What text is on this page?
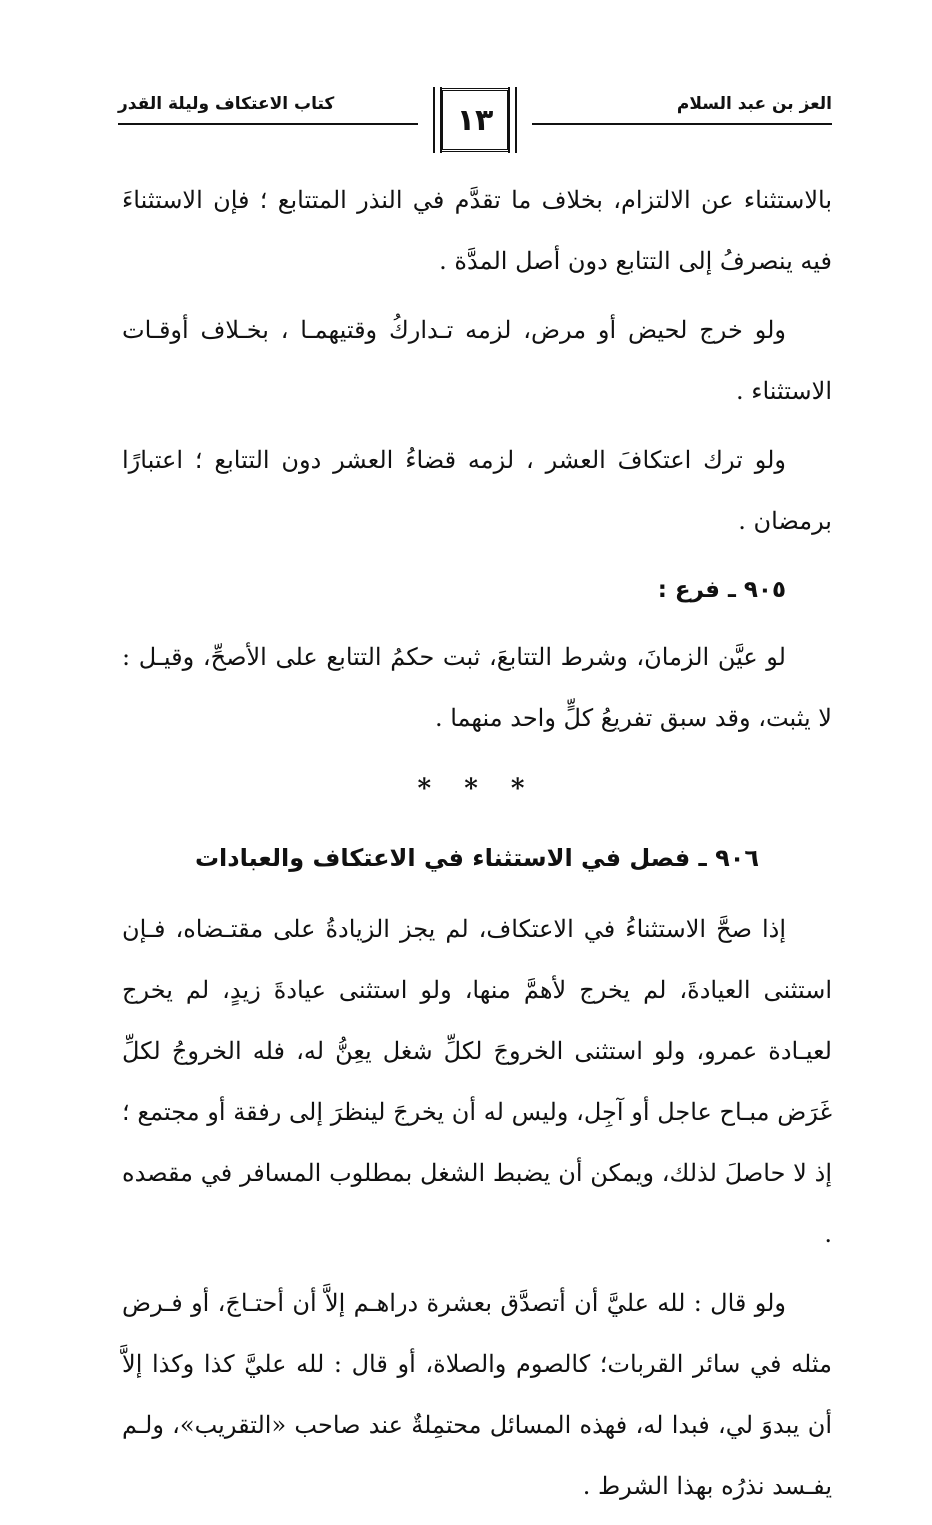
العز بن عبد السلام
١٣
كتاب الاعتكاف وليلة القدر

بالاستثناء عن الالتزام، بخلاف ما تقدَّم في النذر المتتابع ؛ فإن الاستثناءَ فيه ينصرفُ إلى التتابع دون أصل المدَّة .

ولو خرج لحيض أو مرض، لزمه تـداركُ وقتيهمـا ، بخـلاف أوقـات الاستثناء .

ولو ترك اعتكافَ العشر ، لزمه قضاءُ العشر دون التتابع ؛ اعتبارًا برمضان .

٩٠٥ ـ فرع :

لو عيَّن الزمانَ، وشرط التتابعَ، ثبت حكمُ التتابع على الأصحِّ، وقيـل : لا يثبت، وقد سبق تفريعُ كلٍّ واحد منهما .

* * *
٩٠٦ ـ فصل في الاستثناء في الاعتكاف والعبادات

إذا صحَّ الاستثناءُ في الاعتكاف، لم يجز الزيادةُ على مقتـضاه، فـإن استثنى العيادةَ، لم يخرج لأهمَّ منها، ولو استثنى عيادةَ زيدٍ، لم يخرج لعيـادة عمرو، ولو استثنى الخروجَ لكلِّ شغل يعِنُّ له، فله الخروجُ لكلِّ غَرَض مبـاح عاجل أو آجِل، وليس له أن يخرجَ لينظرَ إلى رفقة أو مجتمع ؛ إذ لا حاصلَ لذلك، ويمكن أن يضبط الشغل بمطلوب المسافر في مقصده .

ولو قال : لله عليَّ أن أتصدَّق بعشرة دراهـم إلاَّ أن أحتـاجَ، أو فـرض مثله في سائر القربات؛ كالصوم والصلاة، أو قال : لله عليَّ كذا وكذا إلاَّ أن يبدوَ لي، فبدا له، فهذه المسائل محتمِلةٌ عند صاحب «التقريب»، ولـم يفـسد نذرُه بهذا الشرط .
